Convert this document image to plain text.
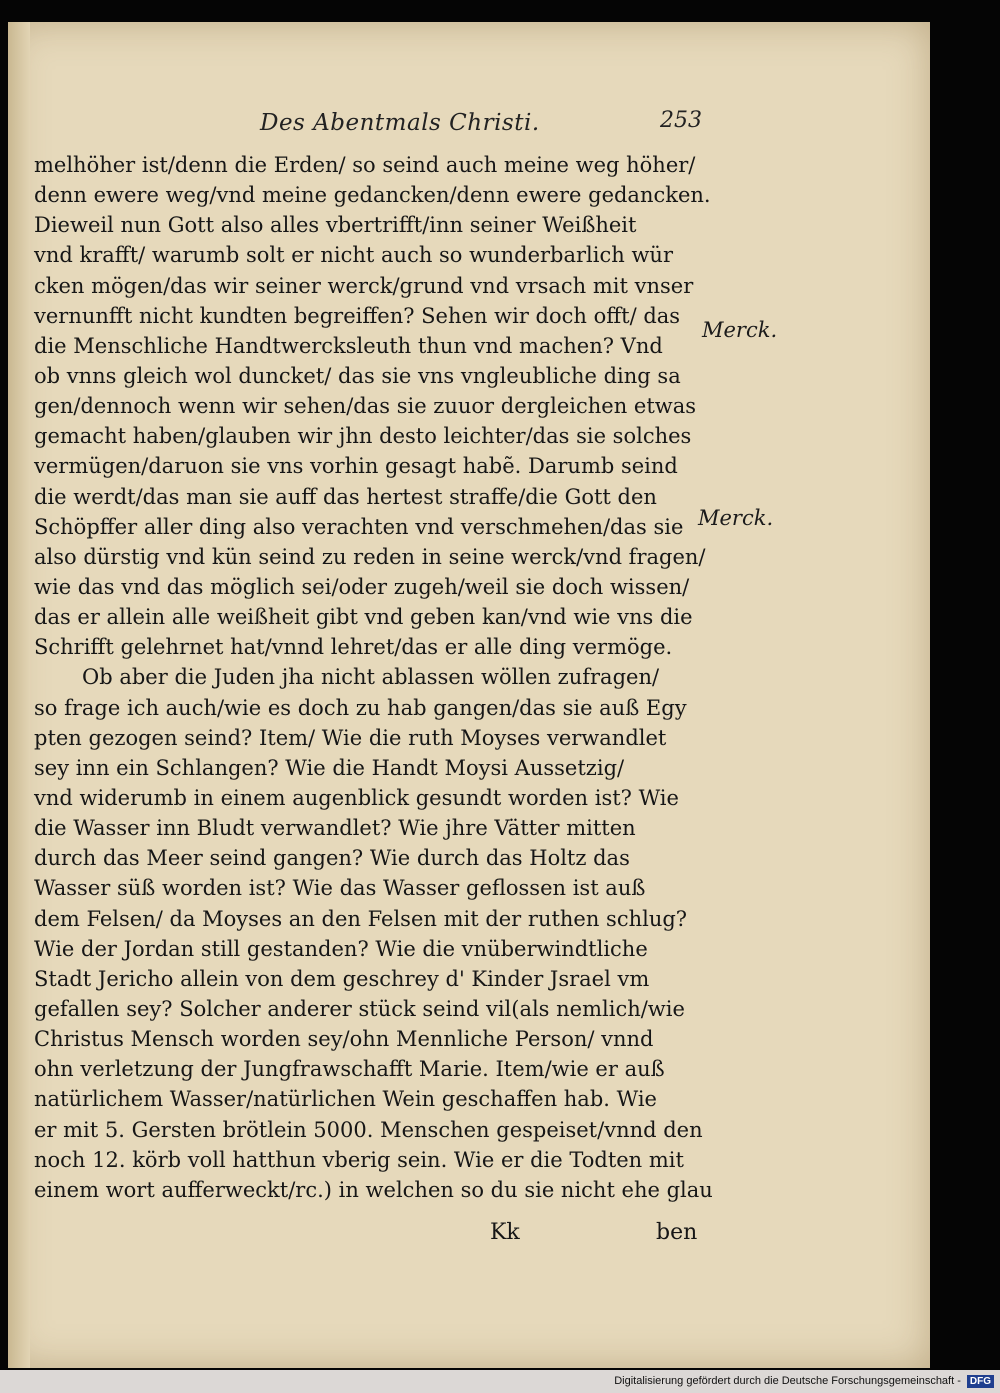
Des Abentmals Christi.	253
melhöher ist/denn die Erden/ so seind auch meine weg höher/
denn ewere weg/vnd meine gedancken/denn ewere gedancken.
Dieweil nun Gott also alles vbertrifft/inn seiner Weißheit
vnd krafft/ warumb solt er nicht auch so wunderbarlich wür
cken mögen/das wir seiner werck/grund vnd vrsach mit vnser
vernunfft nicht kundten begreiffen? Sehen wir doch offt/ das
die Menschliche Handtwercksleuth thun vnd machen? Vnd
ob vnns gleich wol duncket/ das sie vns vngleubliche ding sa
gen/dennoch wenn wir sehen/das sie zuuor dergleichen etwas
gemacht haben/glauben wir jhn desto leichter/das sie solches
vermügen/daruon sie vns vorhin gesagt habẽ. Darumb seind
die werdt/das man sie auff das hertest straffe/die Gott den
Schöpffer aller ding also verachten vnd verschmehen/das sie
also dürstig vnd kün seind zu reden in seine werck/vnd fragen/
wie das vnd das möglich sei/oder zugeh/weil sie doch wissen/
das er allein alle weißheit gibt vnd geben kan/vnd wie vns die
Schrifft gelehrnet hat/vnnd lehret/das er alle ding vermöge.
Ob aber die Juden jha nicht ablassen wöllen zufragen/
so frage ich auch/wie es doch zu hab gangen/das sie auß Egy
pten gezogen seind? Item/ Wie die ruth Moyses verwandlet
sey inn ein Schlangen? Wie die Handt Moysi Aussetzig/
vnd widerumb in einem augenblick gesundt worden ist? Wie
die Wasser inn Bludt verwandlet? Wie jhre Vätter mitten
durch das Meer seind gangen? Wie durch das Holtz das
Wasser süß worden ist? Wie das Wasser geflossen ist auß
dem Felsen/ da Moyses an den Felsen mit der ruthen schlug?
Wie der Jordan still gestanden? Wie die vnüberwindtliche
Stadt Jericho allein von dem geschrey d' Kinder Jsrael vm
gefallen sey? Solcher anderer stück seind vil(als nemlich/wie
Christus Mensch worden sey/ohn Mennliche Person/ vnnd
ohn verletzung der Jungfrawschafft Marie. Item/wie er auß
natürlichem Wasser/natürlichen Wein geschaffen hab. Wie
er mit 5. Gersten brötlein 5000. Menschen gespeiset/vnnd den
noch 12. körb voll hatthun vberig sein. Wie er die Todten mit
einem wort aufferweckt/rc.) in welchen so du sie nicht ehe glau
Merck.
Merck.
Kk	ben
Digitalisierung gefördert durch die Deutsche Forschungsgemeinschaft - DFG
